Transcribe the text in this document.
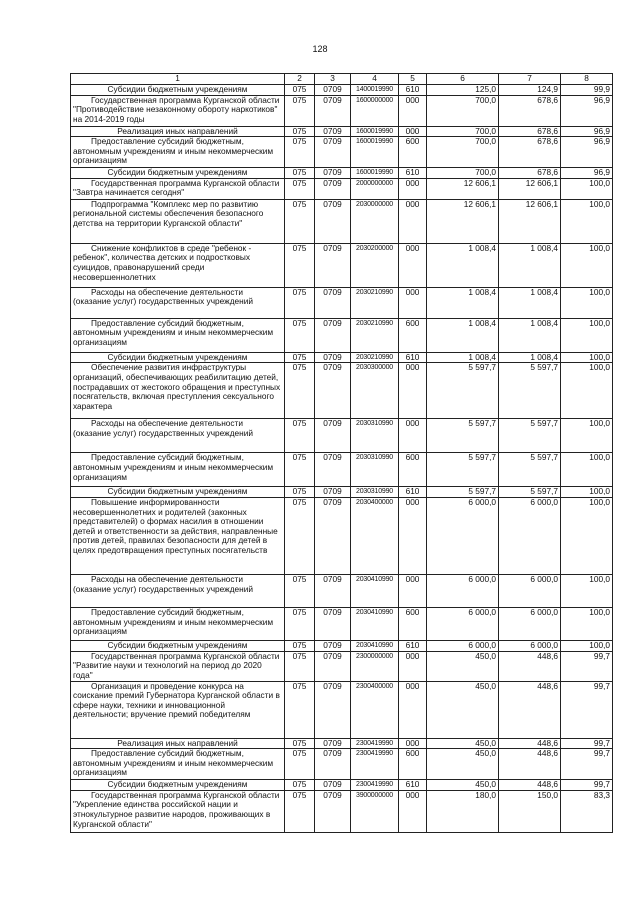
128
1	2	3	4	5	6	7	8
Субсидии бюджетным учреждениям	075	0709	1400019990	610	125,0	124,9	99,9
Государственная программа Курганской области "Противодействие незаконному обороту наркотиков" на 2014-2019 годы	075	0709	1600000000	000	700,0	678,6	96,9
Реализация иных направлений	075	0709	1600019990	000	700,0	678,6	96,9
Предоставление субсидий бюджетным, автономным учреждениям и иным некоммерческим организациям	075	0709	1600019990	600	700,0	678,6	96,9
Субсидии бюджетным учреждениям	075	0709	1600019990	610	700,0	678,6	96,9
Государственная программа Курганской области "Завтра начинается сегодня"	075	0709	2000000000	000	12 606,1	12 606,1	100,0
Подпрограмма "Комплекс мер по развитию региональной системы обеспечения безопасного детства на территории Курганской области"	075	0709	2030000000	000	12 606,1	12 606,1	100,0
Снижение конфликтов в среде "ребенок - ребенок", количества детских и подростковых суицидов, правонарушений среди несовершеннолетних	075	0709	2030200000	000	1 008,4	1 008,4	100,0
Расходы на обеспечение деятельности (оказание услуг) государственных учреждений	075	0709	2030210990	000	1 008,4	1 008,4	100,0
Предоставление субсидий бюджетным, автономным учреждениям и иным некоммерческим организациям	075	0709	2030210990	600	1 008,4	1 008,4	100,0
Субсидии бюджетным учреждениям	075	0709	2030210990	610	1 008,4	1 008,4	100,0
Обеспечение развития инфраструктуры организаций, обеспечивающих реабилитацию детей, пострадавших от жестокого обращения и преступных посягательств, включая преступления сексуального характера	075	0709	2030300000	000	5 597,7	5 597,7	100,0
Расходы на обеспечение деятельности (оказание услуг) государственных учреждений	075	0709	2030310990	000	5 597,7	5 597,7	100,0
Предоставление субсидий бюджетным, автономным учреждениям и иным некоммерческим организациям	075	0709	2030310990	600	5 597,7	5 597,7	100,0
Субсидии бюджетным учреждениям	075	0709	2030310990	610	5 597,7	5 597,7	100,0
Повышение информированности несовершеннолетних и родителей (законных представителей) о формах насилия в отношении детей и ответственности за действия, направленные против детей, правилах безопасности для детей в целях предотвращения преступных посягательств	075	0709	2030400000	000	6 000,0	6 000,0	100,0
Расходы на обеспечение деятельности (оказание услуг) государственных учреждений	075	0709	2030410990	000	6 000,0	6 000,0	100,0
Предоставление субсидий бюджетным, автономным учреждениям и иным некоммерческим организациям	075	0709	2030410990	600	6 000,0	6 000,0	100,0
Субсидии бюджетным учреждениям	075	0709	2030410990	610	6 000,0	6 000,0	100,0
Государственная программа Курганской области "Развитие науки и технологий на период до 2020 года"	075	0709	2300000000	000	450,0	448,6	99,7
Организация и проведение конкурса на соискание премий Губернатора Курганской области в сфере науки, техники и инновационной деятельности; вручение премий победителям	075	0709	2300400000	000	450,0	448,6	99,7
Реализация иных направлений	075	0709	2300419990	000	450,0	448,6	99,7
Предоставление субсидий бюджетным, автономным учреждениям и иным некоммерческим организациям	075	0709	2300419990	600	450,0	448,6	99,7
Субсидии бюджетным учреждениям	075	0709	2300419990	610	450,0	448,6	99,7
Государственная программа Курганской области "Укрепление единства российской нации и этнокультурное развитие народов, проживающих в Курганской области"	075	0709	3900000000	000	180,0	150,0	83,3
